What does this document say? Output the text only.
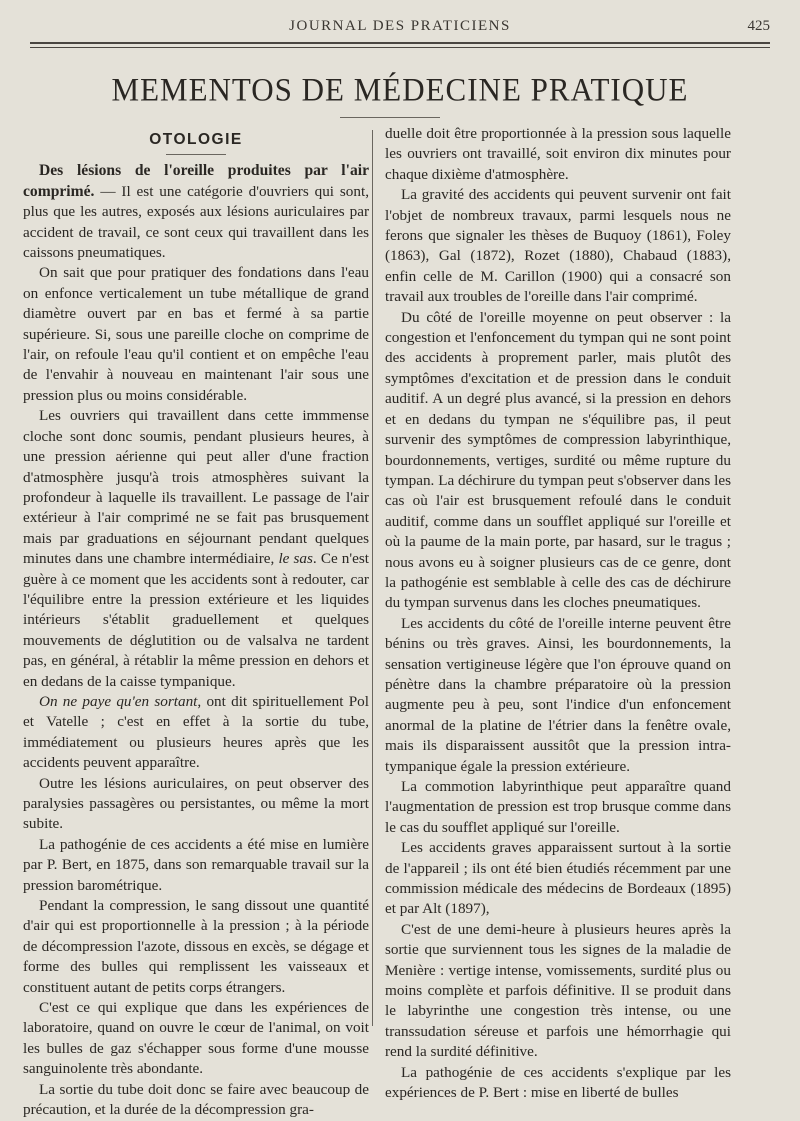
JOURNAL DES PRATICIENS	425
MEMENTOS DE MÉDECINE PRATIQUE
OTOLOGIE

Des lésions de l'oreille produites par l'air comprimé. — Il est une catégorie d'ouvriers qui sont, plus que les autres, exposés aux lésions auriculaires par accident de travail, ce sont ceux qui travaillent dans les caissons pneumatiques.

On sait que pour pratiquer des fondations dans l'eau on enfonce verticalement un tube métallique de grand diamètre ouvert par en bas et fermé à sa partie supérieure. Si, sous une pareille cloche on comprime de l'air, on refoule l'eau qu'il contient et on empêche l'eau de l'envahir à nouveau en maintenant l'air sous une pression plus ou moins considérable.

Les ouvriers qui travaillent dans cette immmense cloche sont donc soumis, pendant plusieurs heures, à une pression aérienne qui peut aller d'une fraction d'atmosphère jusqu'à trois atmosphères suivant la profondeur à laquelle ils travaillent. Le passage de l'air extérieur à l'air comprimé ne se fait pas brusquement mais par graduations en séjournant pendant quelques minutes dans une chambre intermédiaire, le sas. Ce n'est guère à ce moment que les accidents sont à redouter, car l'équilibre entre la pression extérieure et les liquides intérieurs s'établit graduellement et quelques mouvements de déglutition ou de valsalva ne tardent pas, en général, à rétablir la même pression en dehors et en dedans de la caisse tympanique.

On ne paye qu'en sortant, ont dit spirituellement Pol et Vatelle ; c'est en effet à la sortie du tube, immédiatement ou plusieurs heures après que les accidents peuvent apparaître.

Outre les lésions auriculaires, on peut observer des paralysies passagères ou persistantes, ou même la mort subite.

La pathogénie de ces accidents a été mise en lumière par P. Bert, en 1875, dans son remarquable travail sur la pression barométrique.

Pendant la compression, le sang dissout une quantité d'air qui est proportionnelle à la pression ; à la période de décompression l'azote, dissous en excès, se dégage et forme des bulles qui remplissent les vaisseaux et constituent autant de petits corps étrangers.

C'est ce qui explique que dans les expériences de laboratoire, quand on ouvre le cœur de l'animal, on voit les bulles de gaz s'échapper sous forme d'une mousse sanguinolente très abondante.

La sortie du tube doit donc se faire avec beaucoup de précaution, et la durée de la décompression gra-

duelle doit être proportionnée à la pression sous laquelle les ouvriers ont travaillé, soit environ dix minutes pour chaque dixième d'atmosphère.

La gravité des accidents qui peuvent survenir ont fait l'objet de nombreux travaux, parmi lesquels nous ne ferons que signaler les thèses de Buquoy (1861), Foley (1863), Gal (1872), Rozet (1880), Chabaud (1883), enfin celle de M. Carillon (1900) qui a consacré son travail aux troubles de l'oreille dans l'air comprimé.

Du côté de l'oreille moyenne on peut observer : la congestion et l'enfoncement du tympan qui ne sont point des accidents à proprement parler, mais plutôt des symptômes d'excitation et de pression dans le conduit auditif. A un degré plus avancé, si la pression en dehors et en dedans du tympan ne s'équilibre pas, il peut survenir des symptômes de compression labyrinthique, bourdonnements, vertiges, surdité ou même rupture du tympan. La déchirure du tympan peut s'observer dans les cas où l'air est brusquement refoulé dans le conduit auditif, comme dans un soufflet appliqué sur l'oreille et où la paume de la main porte, par hasard, sur le tragus ; nous avons eu à soigner plusieurs cas de ce genre, dont la pathogénie est semblable à celle des cas de déchirure du tympan survenus dans les cloches pneumatiques.

Les accidents du côté de l'oreille interne peuvent être bénins ou très graves. Ainsi, les bourdonnements, la sensation vertigineuse légère que l'on éprouve quand on pénètre dans la chambre préparatoire où la pression augmente peu à peu, sont l'indice d'un enfoncement anormal de la platine de l'étrier dans la fenêtre ovale, mais ils disparaissent aussitôt que la pression intra-tympanique égale la pression extérieure.

La commotion labyrinthique peut apparaître quand l'augmentation de pression est trop brusque comme dans le cas du soufflet appliqué sur l'oreille.

Les accidents graves apparaissent surtout à la sortie de l'appareil ; ils ont été bien étudiés récemment par une commission médicale des médecins de Bordeaux (1895) et par Alt (1897),

C'est de une demi-heure à plusieurs heures après la sortie que surviennent tous les signes de la maladie de Menière : vertige intense, vomissements, surdité plus ou moins complète et parfois définitive. Il se produit dans le labyrinthe une congestion très intense, ou une transsudation séreuse et parfois une hémorrhagie qui rend la surdité définitive.

La pathogénie de ces accidents s'explique par les expériences de P. Bert : mise en liberté de bulles
